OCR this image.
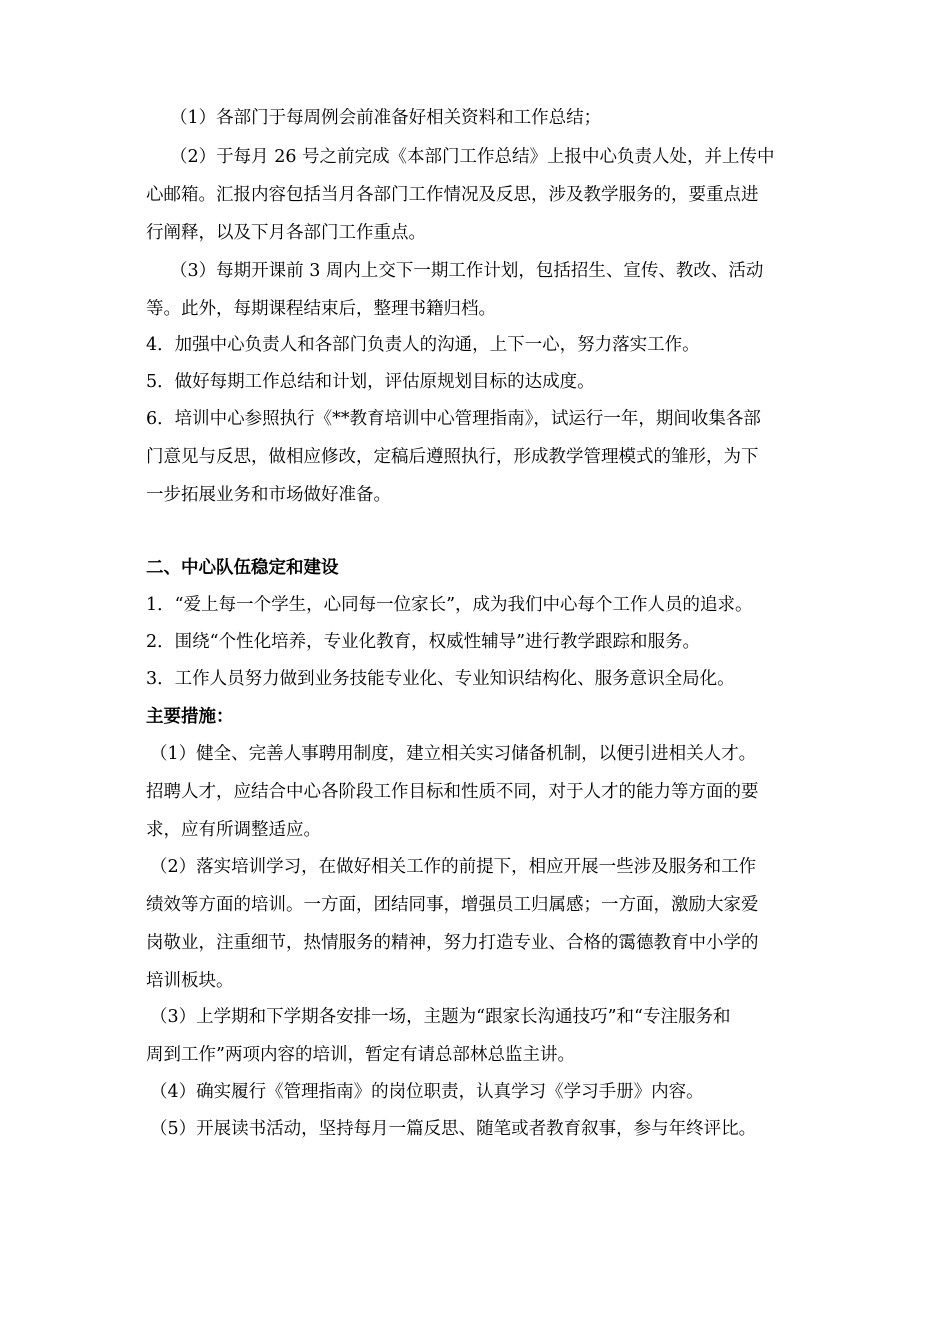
（1）各部门于每周例会前准备好相关资料和工作总结；
（2）于每月 26 号之前完成《本部门工作总结》上报中心负责人处，并上传中
心邮箱。汇报内容包括当月各部门工作情况及反思，涉及教学服务的，要重点进
行阐释，以及下月各部门工作重点。
（3）每期开课前 3 周内上交下一期工作计划，包括招生、宣传、教改、活动
等。此外，每期课程结束后，整理书籍归档。
4．加强中心负责人和各部门负责人的沟通，上下一心，努力落实工作。
5．做好每期工作总结和计划，评估原规划目标的达成度。
6．培训中心参照执行《**教育培训中心管理指南》，试运行一年，期间收集各部
门意见与反思，做相应修改，定稿后遵照执行，形成教学管理模式的雏形，为下
一步拓展业务和市场做好准备。
二、中心队伍稳定和建设
1．“爱上每一个学生，心同每一位家长”，成为我们中心每个工作人员的追求。
2．围绕“个性化培养，专业化教育，权威性辅导”进行教学跟踪和服务。
3．工作人员努力做到业务技能专业化、专业知识结构化、服务意识全局化。
主要措施：
（1）健全、完善人事聘用制度，建立相关实习储备机制，以便引进相关人才。
招聘人才，应结合中心各阶段工作目标和性质不同，对于人才的能力等方面的要
求，应有所调整适应。
（2）落实培训学习，在做好相关工作的前提下，相应开展一些涉及服务和工作
绩效等方面的培训。一方面，团结同事，增强员工归属感；一方面，激励大家爱
岗敬业，注重细节，热情服务的精神，努力打造专业、合格的霭德教育中小学的
培训板块。
（3）上学期和下学期各安排一场，主题为“跟家长沟通技巧”和“专注服务和
周到工作”两项内容的培训，暂定有请总部林总监主讲。
（4）确实履行《管理指南》的岗位职责，认真学习《学习手册》内容。
（5）开展读书活动，坚持每月一篇反思、随笔或者教育叙事，参与年终评比。
